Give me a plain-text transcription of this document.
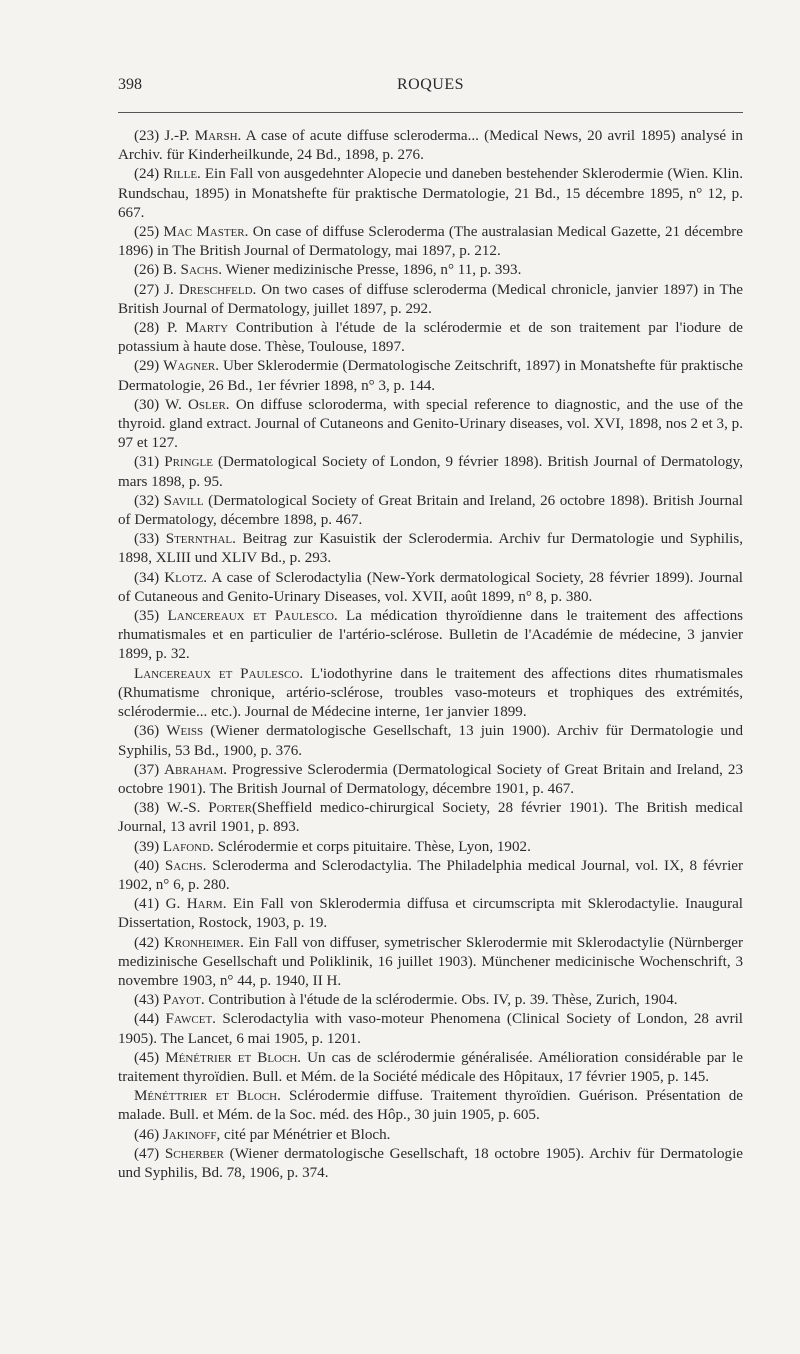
398	ROQUES

(23) J.-P. Marsh. A case of acute diffuse scleroderma... (Medical News, 20 avril 1895) analysé in Archiv. für Kinderheilkunde, 24 Bd., 1898, p. 276.

(24) Rille. Ein Fall von ausgedehnter Alopecie und daneben bestehender Sklerodermie (Wien. Klin. Rundschau, 1895) in Monatshefte für praktische Dermatologie, 21 Bd., 15 décembre 1895, n° 12, p. 667.

(25) Mac Master. On case of diffuse Scleroderma (The australasian Medical Gazette, 21 décembre 1896) in The British Journal of Dermatology, mai 1897, p. 212.

(26) B. Sachs. Wiener medizinische Presse, 1896, n° 11, p. 393.

(27) J. Dreschfeld. On two cases of diffuse scleroderma (Medical chronicle, janvier 1897) in The British Journal of Dermatology, juillet 1897, p. 292.

(28) P. Marty Contribution à l'étude de la sclérodermie et de son traitement par l'iodure de potassium à haute dose. Thèse, Toulouse, 1897.

(29) Wagner. Uber Sklerodermie (Dermatologische Zeitschrift, 1897) in Monatshefte für praktische Dermatologie, 26 Bd., 1er février 1898, n° 3, p. 144.

(30) W. Osler. On diffuse scloroderma, with special reference to diagnostic, and the use of the thyroid. gland extract. Journal of Cutaneons and Genito-Urinary diseases, vol. XVI, 1898, nos 2 et 3, p. 97 et 127.

(31) Pringle (Dermatological Society of London, 9 février 1898). British Journal of Dermatology, mars 1898, p. 95.

(32) Savill (Dermatological Society of Great Britain and Ireland, 26 octobre 1898). British Journal of Dermatology, décembre 1898, p. 467.

(33) Sternthal. Beitrag zur Kasuistik der Sclerodermia. Archiv fur Dermatologie und Syphilis, 1898, XLIII und XLIV Bd., p. 293.

(34) Klotz. A case of Sclerodactylia (New-York dermatological Society, 28 février 1899). Journal of Cutaneous and Genito-Urinary Diseases, vol. XVII, août 1899, n° 8, p. 380.

(35) Lancereaux et Paulesco. La médication thyroïdienne dans le traitement des affections rhumatismales et en particulier de l'artério-sclérose. Bulletin de l'Académie de médecine, 3 janvier 1899, p. 32.

Lancereaux et Paulesco. L'iodothyrine dans le traitement des affections dites rhumatismales (Rhumatisme chronique, artério-sclérose, troubles vaso-moteurs et trophiques des extrémités, sclérodermie... etc.). Journal de Médecine interne, 1er janvier 1899.

(36) Weiss (Wiener dermatologische Gesellschaft, 13 juin 1900). Archiv für Dermatologie und Syphilis, 53 Bd., 1900, p. 376.

(37) Abraham. Progressive Sclerodermia (Dermatological Society of Great Britain and Ireland, 23 octobre 1901). The British Journal of Dermatology, décembre 1901, p. 467.

(38) W.-S. Porter(Sheffield medico-chirurgical Society, 28 février 1901). The British medical Journal, 13 avril 1901, p. 893.

(39) Lafond. Sclérodermie et corps pituitaire. Thèse, Lyon, 1902.

(40) Sachs. Scleroderma and Sclerodactylia. The Philadelphia medical Journal, vol. IX, 8 février 1902, n° 6, p. 280.

(41) G. Harm. Ein Fall von Sklerodermia diffusa et circumscripta mit Sklerodactylie. Inaugural Dissertation, Rostock, 1903, p. 19.

(42) Kronheimer. Ein Fall von diffuser, symetrischer Sklerodermie mit Sklerodactylie (Nürnberger medizinische Gesellschaft und Poliklinik, 16 juillet 1903). Münchener medicinische Wochenschrift, 3 novembre 1903, n° 44, p. 1940, II H.

(43) Payot. Contribution à l'étude de la sclérodermie. Obs. IV, p. 39. Thèse, Zurich, 1904.

(44) Fawcet. Sclerodactylia with vaso-moteur Phenomena (Clinical Society of London, 28 avril 1905). The Lancet, 6 mai 1905, p. 1201.

(45) Ménétrier et Bloch. Un cas de sclérodermie généralisée. Amélioration considérable par le traitement thyroïdien. Bull. et Mém. de la Société médicale des Hôpitaux, 17 février 1905, p. 145.

Ménéttrier et Bloch. Sclérodermie diffuse. Traitement thyroïdien. Guérison. Présentation de malade. Bull. et Mém. de la Soc. méd. des Hôp., 30 juin 1905, p. 605.

(46) Jakinoff, cité par Ménétrier et Bloch.

(47) Scherber (Wiener dermatologische Gesellschaft, 18 octobre 1905). Archiv für Dermatologie und Syphilis, Bd. 78, 1906, p. 374.
